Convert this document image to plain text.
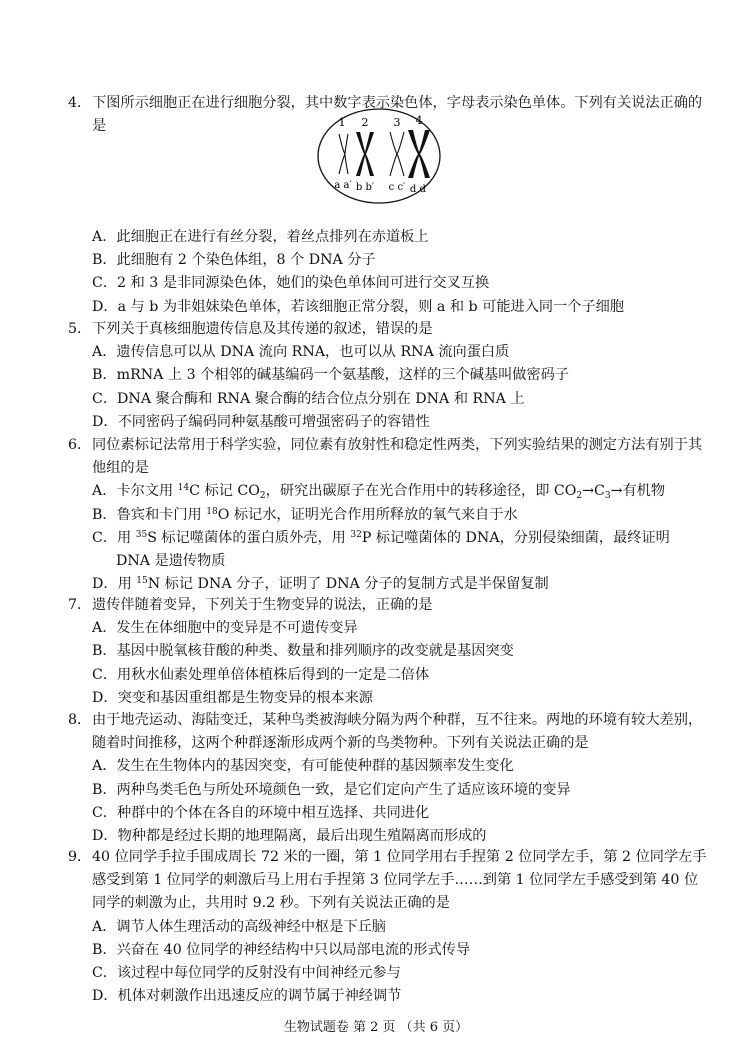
4． 下图所示细胞正在进行细胞分裂，其中数字表示染色体，字母表示染色单体。下列有关说法正确的是	1 2 3 4
a a′ b b′ c c′ d d′
A．此细胞正在进行有丝分裂，着丝点排列在赤道板上
B．此细胞有 2 个染色体组，8 个 DNA 分子
C．2 和 3 是非同源染色体，她们的染色单体间可进行交叉互换
D．a 与 b 为非姐妹染色单体，若该细胞正常分裂，则 a 和 b 可能进入同一个子细胞
5． 下列关于真核细胞遗传信息及其传递的叙述，错误的是
A．遗传信息可以从 DNA 流向 RNA，也可以从 RNA 流向蛋白质
B．mRNA 上 3 个相邻的碱基编码一个氨基酸，这样的三个碱基叫做密码子
C．DNA 聚合酶和 RNA 聚合酶的结合位点分别在 DNA 和 RNA 上
D．不同密码子编码同种氨基酸可增强密码子的容错性
6． 同位素标记法常用于科学实验，同位素有放射性和稳定性两类，下列实验结果的测定方法有别于其他组的是
A．卡尔文用 $^{14}$C 标记 $CO_2$，研究出碳原子在光合作用中的转移途径，即 $CO_2\to C_3\to$有机物
B．鲁宾和卡门用 $^{18}$O 标记水，证明光合作用所释放的氧气来自于水
C．用 $^{35}$S 标记噬菌体的蛋白质外壳，用 $^{32}$P 标记噬菌体的 DNA，分别侵染细菌，最终证明
DNA 是遗传物质
D．用 $^{15}$N 标记 DNA 分子，证明了 DNA 分子的复制方式是半保留复制
7． 遗传伴随着变异，下列关于生物变异的说法，正确的是
A．发生在体细胞中的变异是不可遗传变异
B．基因中脱氧核苷酸的种类、数量和排列顺序的改变就是基因突变
C．用秋水仙素处理单倍体植株后得到的一定是二倍体
D．突变和基因重组都是生物变异的根本来源
8． 由于地壳运动、海陆变迁，某种鸟类被海峡分隔为两个种群，互不往来。两地的环境有较大差别，随着时间推移，这两个种群逐渐形成两个新的鸟类物种。下列有关说法正确的是
A．发生在生物体内的基因突变，有可能使种群的基因频率发生变化
B．两种鸟类毛色与所处环境颜色一致，是它们定向产生了适应该环境的变异
C．种群中的个体在各自的环境中相互选择、共同进化
D．物种都是经过长期的地理隔离，最后出现生殖隔离而形成的
9． 40 位同学手拉手围成周长 72 米的一圈，第 1 位同学用右手捏第 2 位同学左手，第 2 位同学左手感受到第 1 位同学的刺激后马上用右手捏第 3 位同学左手……到第 1 位同学左手感受到第 40 位同学的刺激为止，共用时 9.2 秒。下列有关说法正确的是
A．调节人体生理活动的高级神经中枢是下丘脑
B．兴奋在 40 位同学的神经结构中只以局部电流的形式传导
C．该过程中每位同学的反射没有中间神经元参与
D．机体对刺激作出迅速反应的调节属于神经调节
生物试题卷 第 2 页 （共 6 页）
